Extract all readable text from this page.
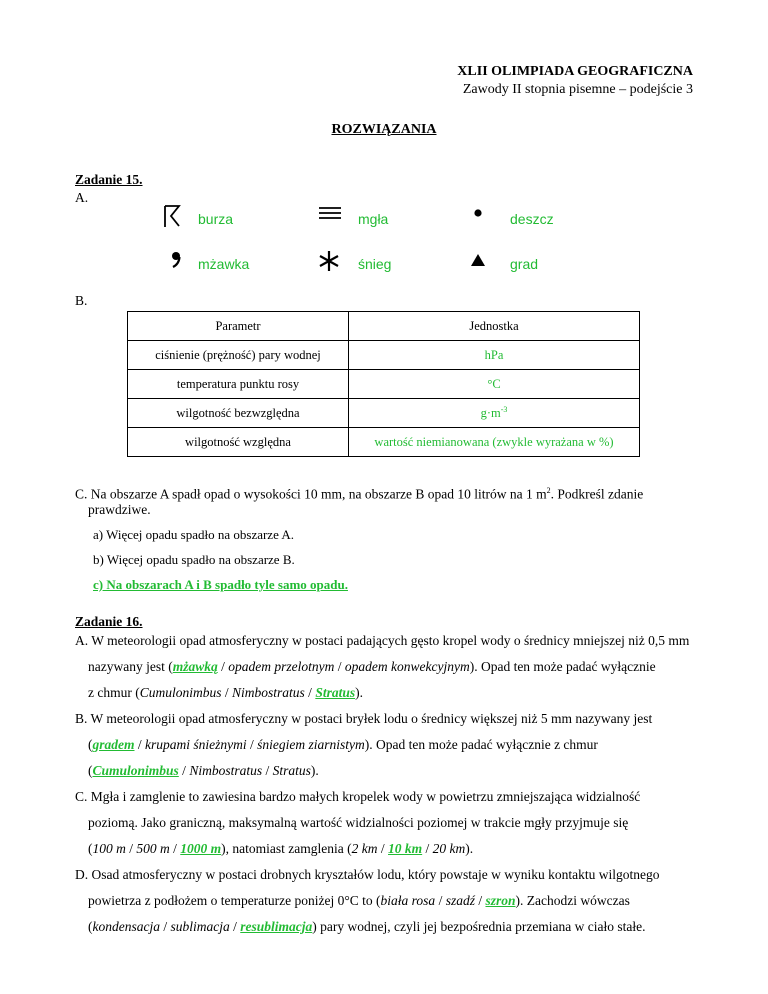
XLII OLIMPIADA GEOGRAFICZNA
Zawody II stopnia pisemne – podejście 3
ROZWIĄZANIA
Zadanie 15.
A.
burza	mgła	deszcz
mżawka	śnieg	grad
B.
Parametr	Jednostka
ciśnienie (prężność) pary wodnej	hPa
temperatura punktu rosy	°C
wilgotność bezwzględna	$g\cdot m^{-3}$
wilgotność względna	wartość niemianowana (zwykle wyrażana w %)
C. Na obszarze A spadł opad o wysokości 10 mm, na obszarze B opad 10 litrów na 1 $m^2$. Podkreśl zdanie
prawdziwe.
a) Więcej opadu spadło na obszarze A.
b) Więcej opadu spadło na obszarze B.
c) Na obszarach A i B spadło tyle samo opadu.
Zadanie 16.
A. W meteorologii opad atmosferyczny w postaci padających gęsto kropel wody o średnicy mniejszej niż 0,5 mm
nazywany jest (mżawką / opadem przelotnym / opadem konwekcyjnym). Opad ten może padać wyłącznie
z chmur (Cumulonimbus / Nimbostratus / Stratus).
B. W meteorologii opad atmosferyczny w postaci bryłek lodu o średnicy większej niż 5 mm nazywany jest
(gradem / krupami śnieżnymi / śniegiem ziarnistym). Opad ten może padać wyłącznie z chmur
(Cumulonimbus / Nimbostratus / Stratus).
C. Mgła i zamglenie to zawiesina bardzo małych kropelek wody w powietrzu zmniejszająca widzialność
poziomą. Jako graniczną, maksymalną wartość widzialności poziomej w trakcie mgły przyjmuje się
(100 m / 500 m / 1000 m), natomiast zamglenia (2 km / 10 km / 20 km).
D. Osad atmosferyczny w postaci drobnych kryształów lodu, który powstaje w wyniku kontaktu wilgotnego
powietrza z podłożem o temperaturze poniżej 0°C to (biała rosa / szadź / szron). Zachodzi wówczas
(kondensacja / sublimacja / resublimacja) pary wodnej, czyli jej bezpośrednia przemiana w ciało stałe.
